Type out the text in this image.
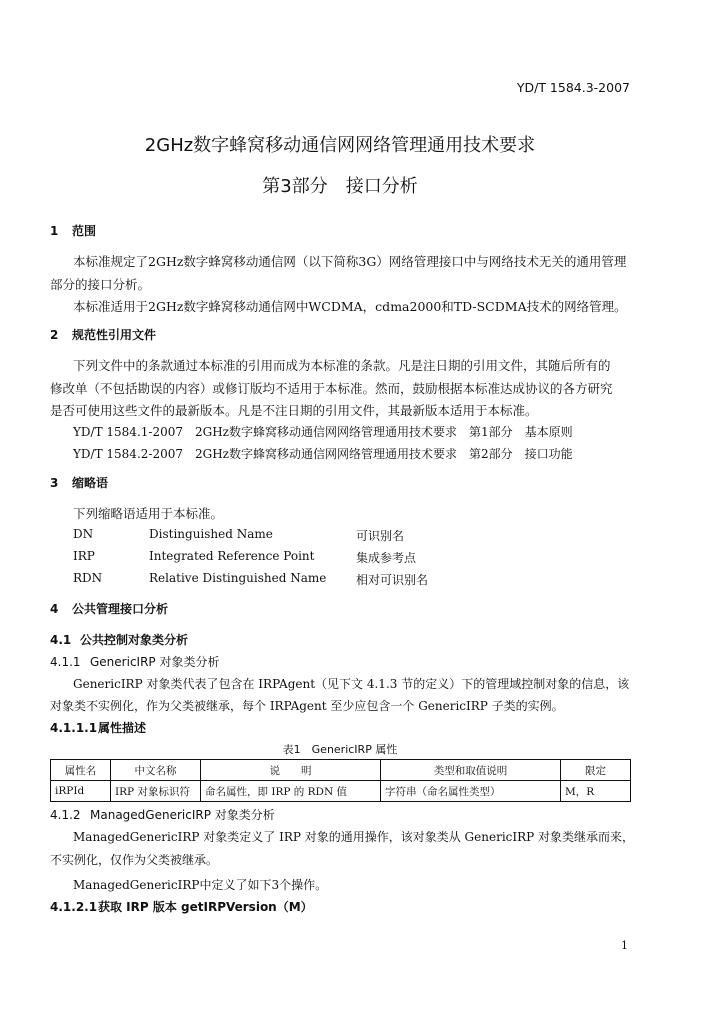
YD/T 1584.3-2007
2GHz数字蜂窝移动通信网网络管理通用技术要求
第3部分　接口分析
1 范围
本标准规定了2GHz数字蜂窝移动通信网（以下简称3G）网络管理接口中与网络技术无关的通用管理
部分的接口分析。
本标准适用于2GHz数字蜂窝移动通信网中WCDMA，cdma2000和TD-SCDMA技术的网络管理。
2 规范性引用文件
下列文件中的条款通过本标准的引用而成为本标准的条款。凡是注日期的引用文件，其随后所有的
修改单（不包括勘误的内容）或修订版均不适用于本标准。然而，鼓励根据本标准达成协议的各方研究
是否可使用这些文件的最新版本。凡是不注日期的引用文件，其最新版本适用于本标准。
YD/T 1584.1-2007　2GHz数字蜂窝移动通信网网络管理通用技术要求　第1部分　基本原则
YD/T 1584.2-2007　2GHz数字蜂窝移动通信网网络管理通用技术要求　第2部分　接口功能
3 缩略语
下列缩略语适用于本标准。
DN	Distinguished Name	可识别名
IRP	Integrated Reference Point	集成参考点
RDN	Relative Distinguished Name 相对可识别名
4 公共管理接口分析
4.1 公共控制对象类分析
4.1.1 GenericIRP 对象类分析
GenericIRP 对象类代表了包含在 IRPAgent（见下文 4.1.3 节的定义）下的管理域控制对象的信息，该
对象类不实例化，作为父类被继承，每个 IRPAgent 至少应包含一个 GenericIRP 子类的实例。
4.1.1.1属性描述
表1　GenericIRP 属性
属性名	中文名称	说　　明	类型和取值说明	限定
iRPId	IRP 对象标识符	命名属性，即 IRP 的 RDN 值	字符串（命名属性类型）	M，R
4.1.2 ManagedGenericIRP 对象类分析
ManagedGenericIRP 对象类定义了 IRP 对象的通用操作，该对象类从 GenericIRP 对象类继承而来，
不实例化，仅作为父类被继承。
ManagedGenericIRP中定义了如下3个操作。
4.1.2.1获取 IRP 版本 getIRPVersion（M）
1
